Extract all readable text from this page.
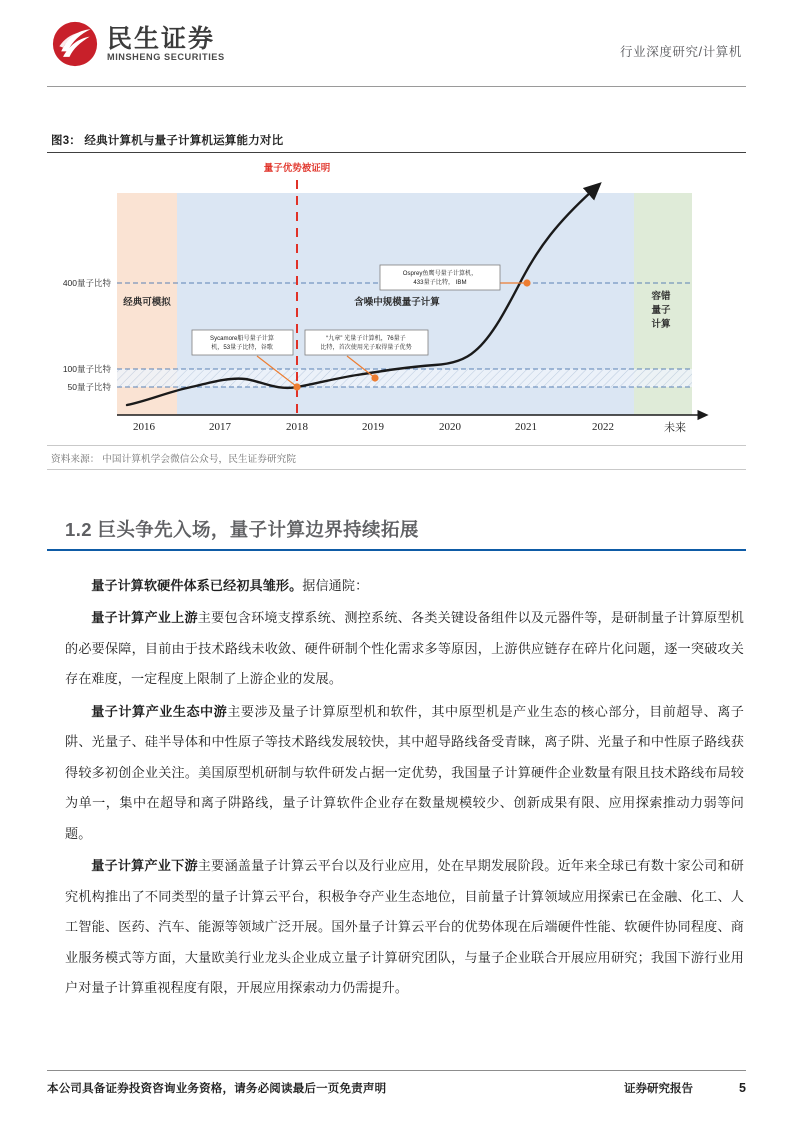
民生证券
MINSHENG SECURITIES	行业深度研究/计算机
图3： 经典计算机与量子计算机运算能力对比
400量子比特
100量子比特
50量子比特
量子优势被证明
经典可模拟	含噪中规模量子计算
容错
量子
计算
2016	2017	2018	2019	2020	2021	2022	未来
Osprey鱼鹰号量子计算机，
433量子比特， IBM
Sycamore船号量子计算
机，53量子比特，谷歌
“九章” 光量子计算机，76量子
比特，首次使用光子取得量子优势
资料来源： 中国计算机学会微信公众号，民生证券研究院
1.2 巨头争先入场，量子计算边界持续拓展

量子计算软硬件体系已经初具雏形。据信通院：

量子计算产业上游主要包含环境支撑系统、测控系统、各类关键设备组件以及元器件等，是研制量子计算原型机的必要保障，目前由于技术路线未收敛、硬件研制个性化需求多等原因，上游供应链存在碎片化问题，逐一突破攻关存在难度，一定程度上限制了上游企业的发展。

量子计算产业生态中游主要涉及量子计算原型机和软件，其中原型机是产业生态的核心部分，目前超导、离子阱、光量子、硅半导体和中性原子等技术路线发展较快，其中超导路线备受青睐，离子阱、光量子和中性原子路线获得较多初创企业关注。美国原型机研制与软件研发占据一定优势，我国量子计算硬件企业数量有限且技术路线布局较为单一，集中在超导和离子阱路线，量子计算软件企业存在数量规模较少、创新成果有限、应用探索推动力弱等问题。

量子计算产业下游主要涵盖量子计算云平台以及行业应用，处在早期发展阶段。近年来全球已有数十家公司和研究机构推出了不同类型的量子计算云平台，积极争夺产业生态地位，目前量子计算领域应用探索已在金融、化工、人工智能、医药、汽车、能源等领域广泛开展。国外量子计算云平台的优势体现在后端硬件性能、软硬件协同程度、商业服务模式等方面，大量欧美行业龙头企业成立量子计算研究团队，与量子企业联合开展应用研究；我国下游行业用户对量子计算重视程度有限，开展应用探索动力仍需提升。

本公司具备证券投资咨询业务资格，请务必阅读最后一页免责声明	证券研究报告	5
